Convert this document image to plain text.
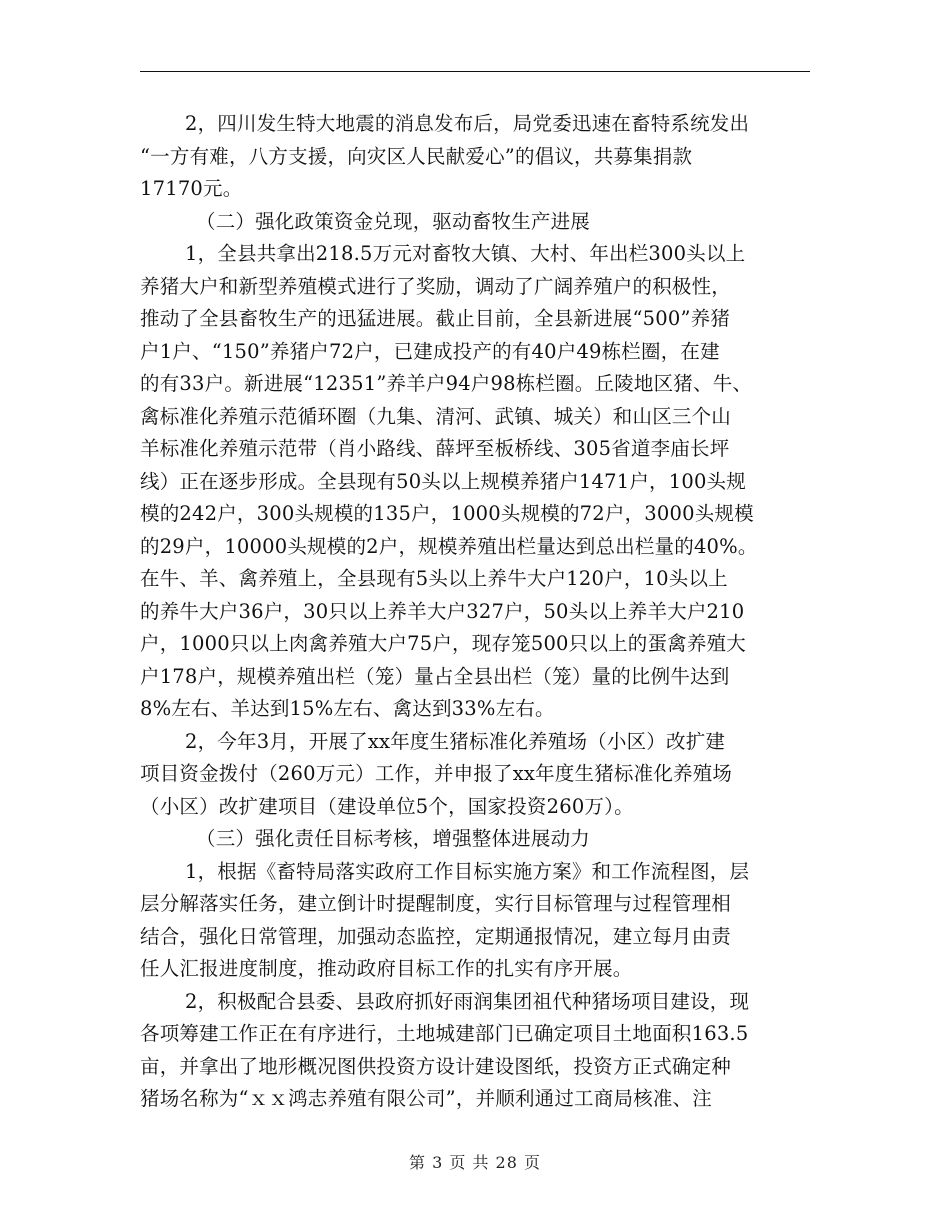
2，四川发生特大地震的消息发布后，局党委迅速在畜特系统发出
“一方有难，八方支援，向灾区人民献爱心”的倡议，共募集捐款
17170元。
（二）强化政策资金兑现，驱动畜牧生产进展
1，全县共拿出218.5万元对畜牧大镇、大村、年出栏300头以上
养猪大户和新型养殖模式进行了奖励，调动了广阔养殖户的积极性，
推动了全县畜牧生产的迅猛进展。截止目前，全县新进展“500”养猪
户1户、“150”养猪户72户，已建成投产的有40户49栋栏圈，在建
的有33户。新进展“12351”养羊户94户98栋栏圈。丘陵地区猪、牛、
禽标准化养殖示范循环圈（九集、清河、武镇、城关）和山区三个山
羊标准化养殖示范带（肖小路线、薛坪至板桥线、305省道李庙长坪
线）正在逐步形成。全县现有50头以上规模养猪户1471户，100头规
模的242户，300头规模的135户，1000头规模的72户，3000头规模
的29户，10000头规模的2户，规模养殖出栏量达到总出栏量的40%。
在牛、羊、禽养殖上，全县现有5头以上养牛大户120户，10头以上
的养牛大户36户，30只以上养羊大户327户，50头以上养羊大户210
户，1000只以上肉禽养殖大户75户，现存笼500只以上的蛋禽养殖大
户178户，规模养殖出栏（笼）量占全县出栏（笼）量的比例牛达到
8%左右、羊达到15%左右、禽达到33%左右。
2，今年3月，开展了xx年度生猪标准化养殖场（小区）改扩建
项目资金拨付（260万元）工作，并申报了xx年度生猪标准化养殖场
（小区）改扩建项目（建设单位5个，国家投资260万）。
（三）强化责任目标考核，增强整体进展动力
1，根据《畜特局落实政府工作目标实施方案》和工作流程图，层
层分解落实任务，建立倒计时提醒制度，实行目标管理与过程管理相
结合，强化日常管理，加强动态监控，定期通报情况，建立每月由责
任人汇报进度制度，推动政府目标工作的扎实有序开展。
2，积极配合县委、县政府抓好雨润集团祖代种猪场项目建设，现
各项筹建工作正在有序进行，土地城建部门已确定项目土地面积163.5
亩，并拿出了地形概况图供投资方设计建设图纸，投资方正式确定种
猪场名称为“ｘｘ鸿志养殖有限公司”，并顺利通过工商局核准、注
第 3 页 共 28 页
